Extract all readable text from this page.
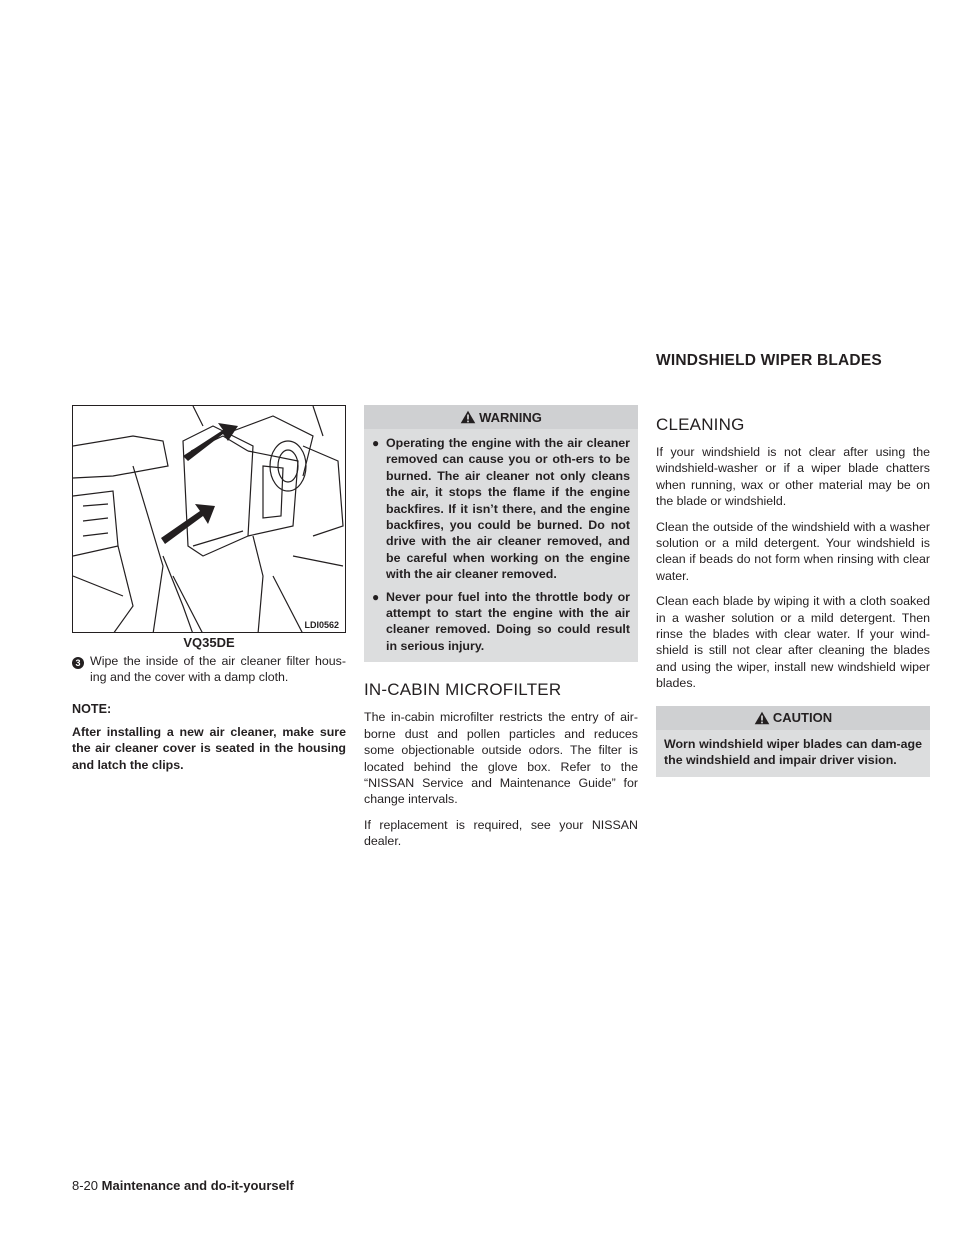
WINDSHIELD WIPER BLADES
LDI0562
VQ35DE
3 Wipe the inside of the air cleaner filter hous-ing and the cover with a damp cloth.

NOTE:

After installing a new air cleaner, make sure the air cleaner cover is seated in the housing and latch the clips.

WARNING
● Operating the engine with the air cleaner removed can cause you or oth-ers to be burned. The air cleaner not only cleans the air, it stops the flame if the engine backfires. If it isn’t there, and the engine backfires, you could be burned. Do not drive with the air cleaner removed, and be careful when working on the engine with the air cleaner removed.

● Never pour fuel into the throttle body or attempt to start the engine with the air cleaner removed. Doing so could result in serious injury.

IN-CABIN MICROFILTER

The in-cabin microfilter restricts the entry of air-borne dust and pollen particles and reduces some objectionable outside odors. The filter is located behind the glove box. Refer to the “NISSAN Service and Maintenance Guide” for change intervals.

If replacement is required, see your NISSAN dealer.

CLEANING

If your windshield is not clear after using the windshield-washer or if a wiper blade chatters when running, wax or other material may be on the blade or windshield.

Clean the outside of the windshield with a washer solution or a mild detergent. Your windshield is clean if beads do not form when rinsing with clear water.

Clean each blade by wiping it with a cloth soaked in a washer solution or a mild detergent. Then rinse the blades with clear water. If your wind-shield is still not clear after cleaning the blades and using the wiper, install new windshield wiper blades.

CAUTION

Worn windshield wiper blades can dam-age the windshield and impair driver vision.

8-20 Maintenance and do-it-yourself
